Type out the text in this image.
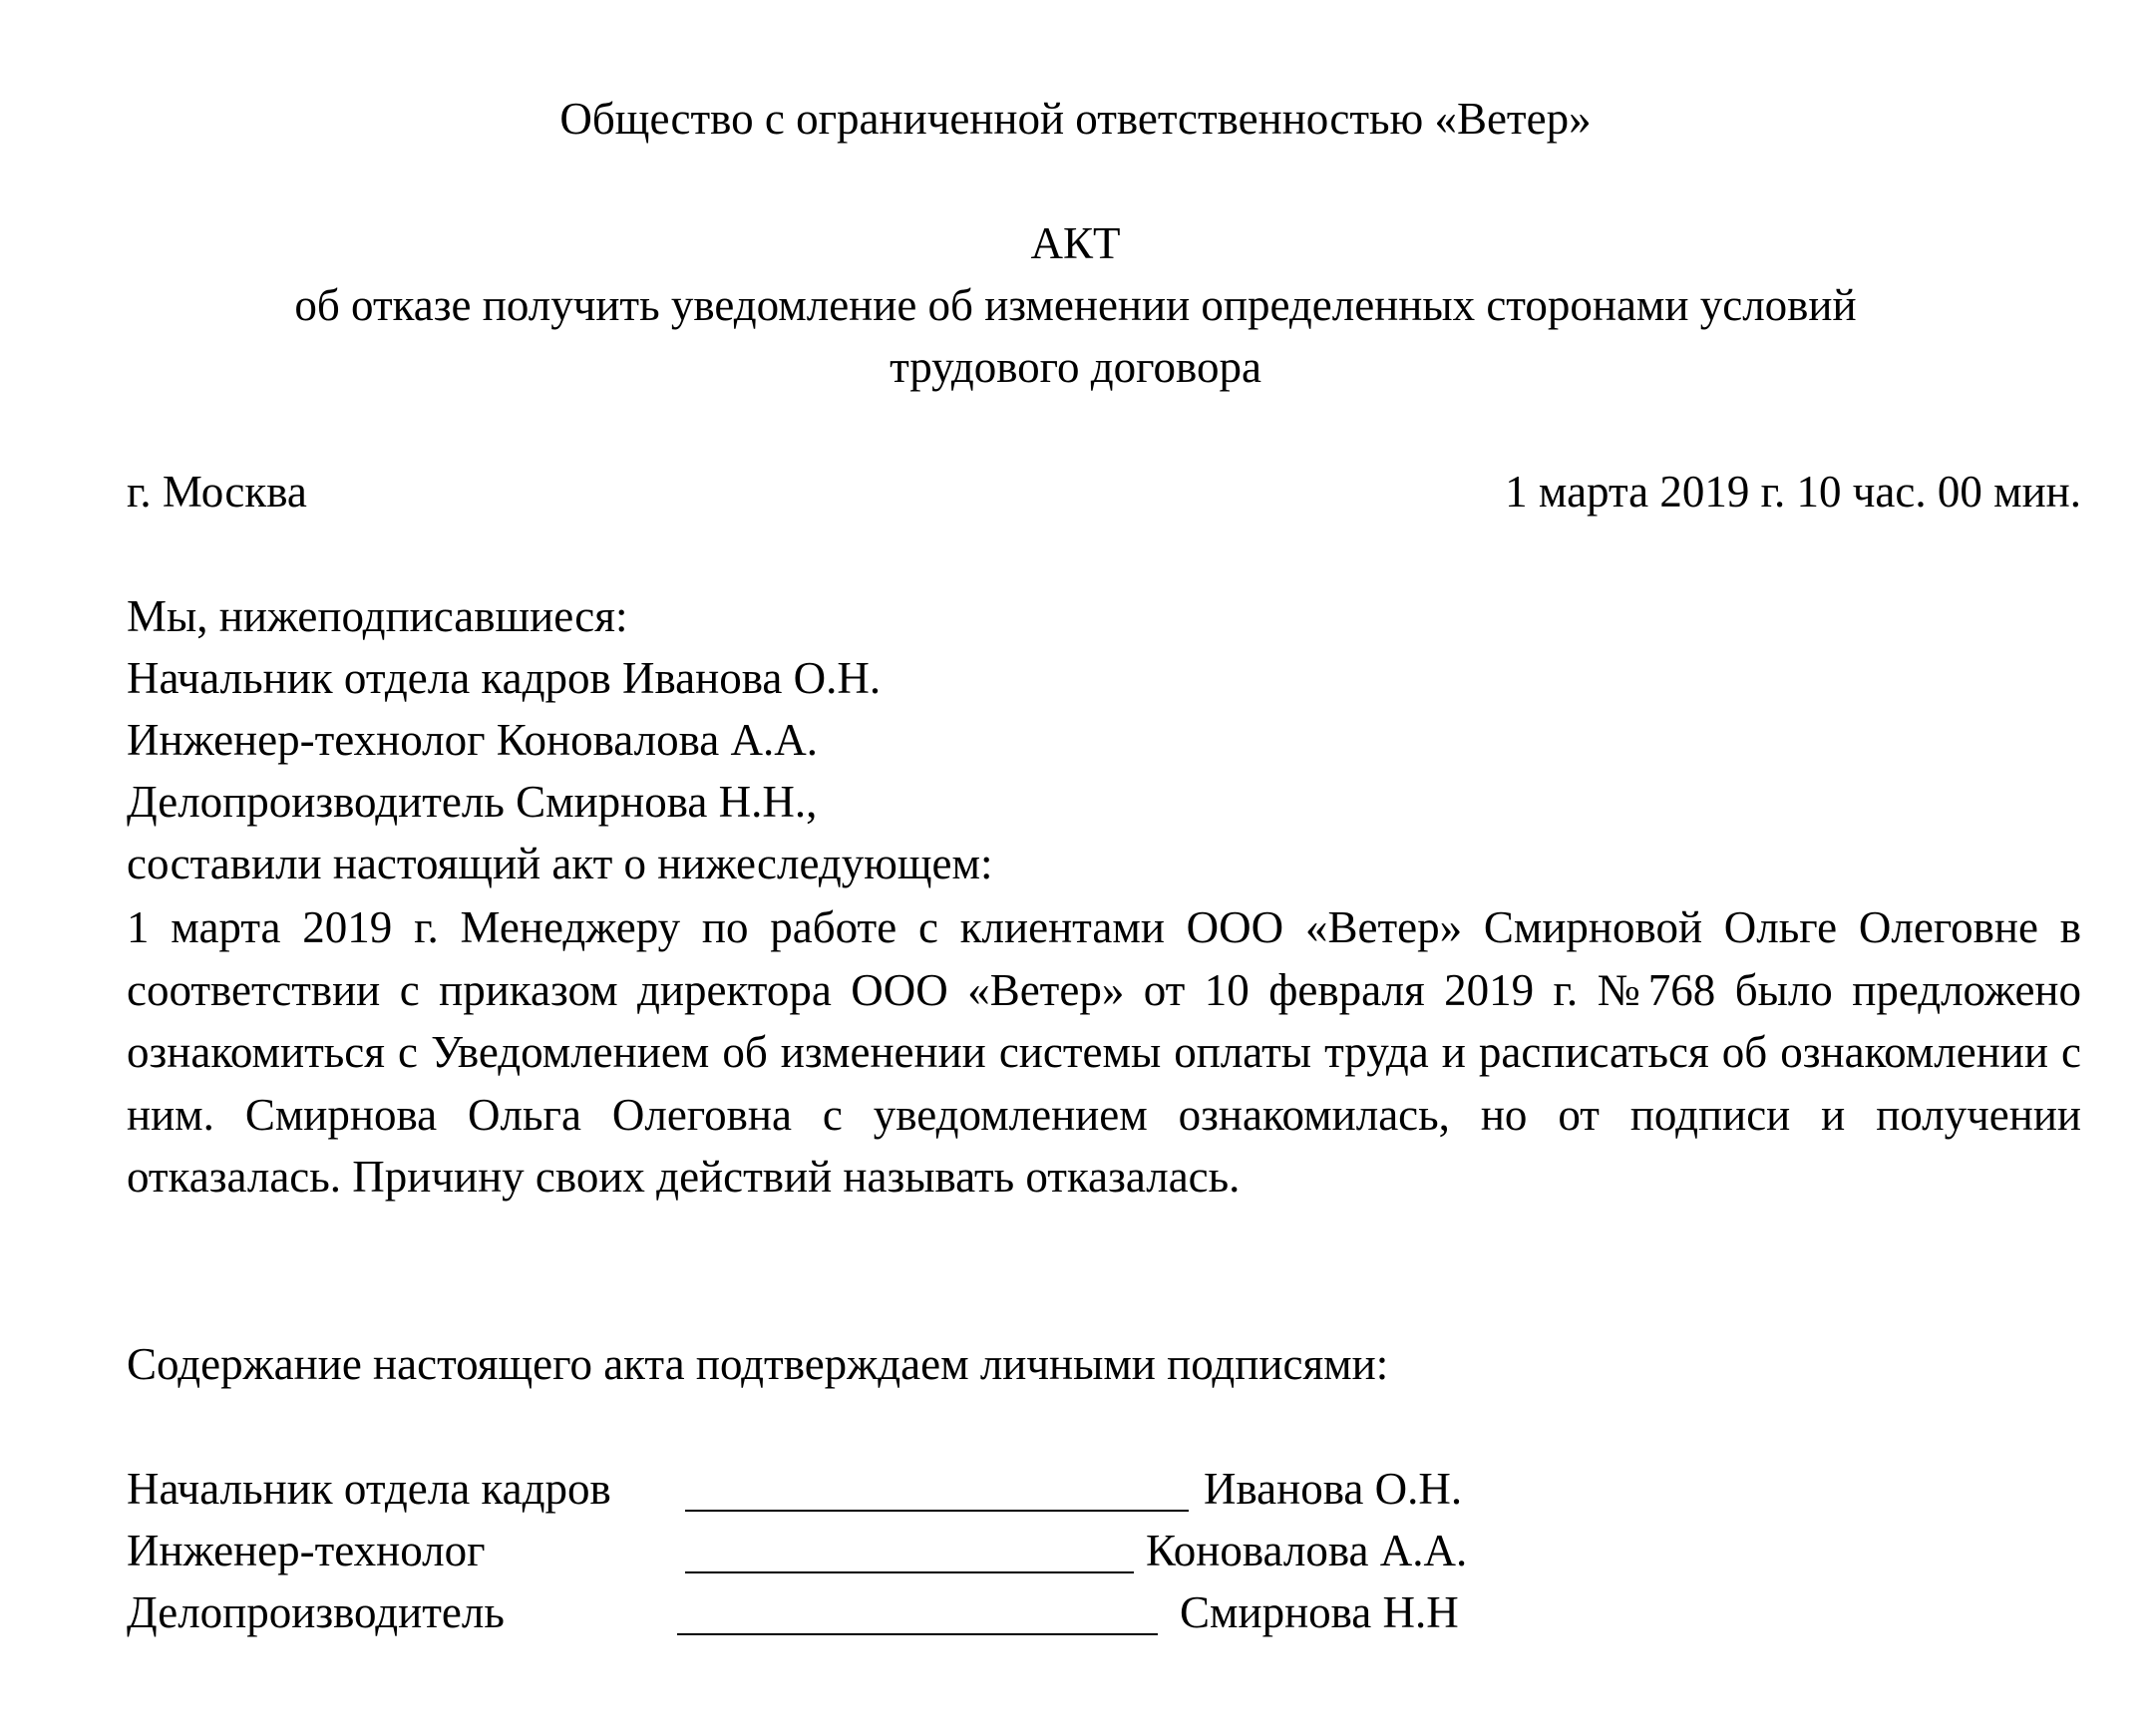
Общество с ограниченной ответственностью «Ветер»
АКТ
об отказе получить уведомление об изменении определенных сторонами условий
трудового договора
г. Москва	1 марта 2019 г. 10 час. 00 мин.
Мы, нижеподписавшиеся:
Начальник отдела кадров Иванова О.Н.
Инженер-технолог Коновалова А.А.
Делопроизводитель Смирнова Н.Н.,
составили настоящий акт о нижеследующем:
1 марта 2019 г. Менеджеру по работе с клиентами ООО «Ветер» Смирновой Ольге Олеговне в соответствии с приказом директора ООО «Ветер» от 10 февраля 2019 г. №768 было предложено ознакомиться с Уведомлением об изменении системы оплаты труда и расписаться об ознакомлении с ним. Смирнова Ольга Олеговна с уведомлением ознакомилась, но от подписи и получении отказалась. Причину своих действий называть отказалась.
Содержание настоящего акта подтверждаем личными подписями:
Начальник отдела кадров	Иванова О.Н.
Инженер-технолог	Коновалова А.А.
Делопроизводитель	Смирнова Н.Н
